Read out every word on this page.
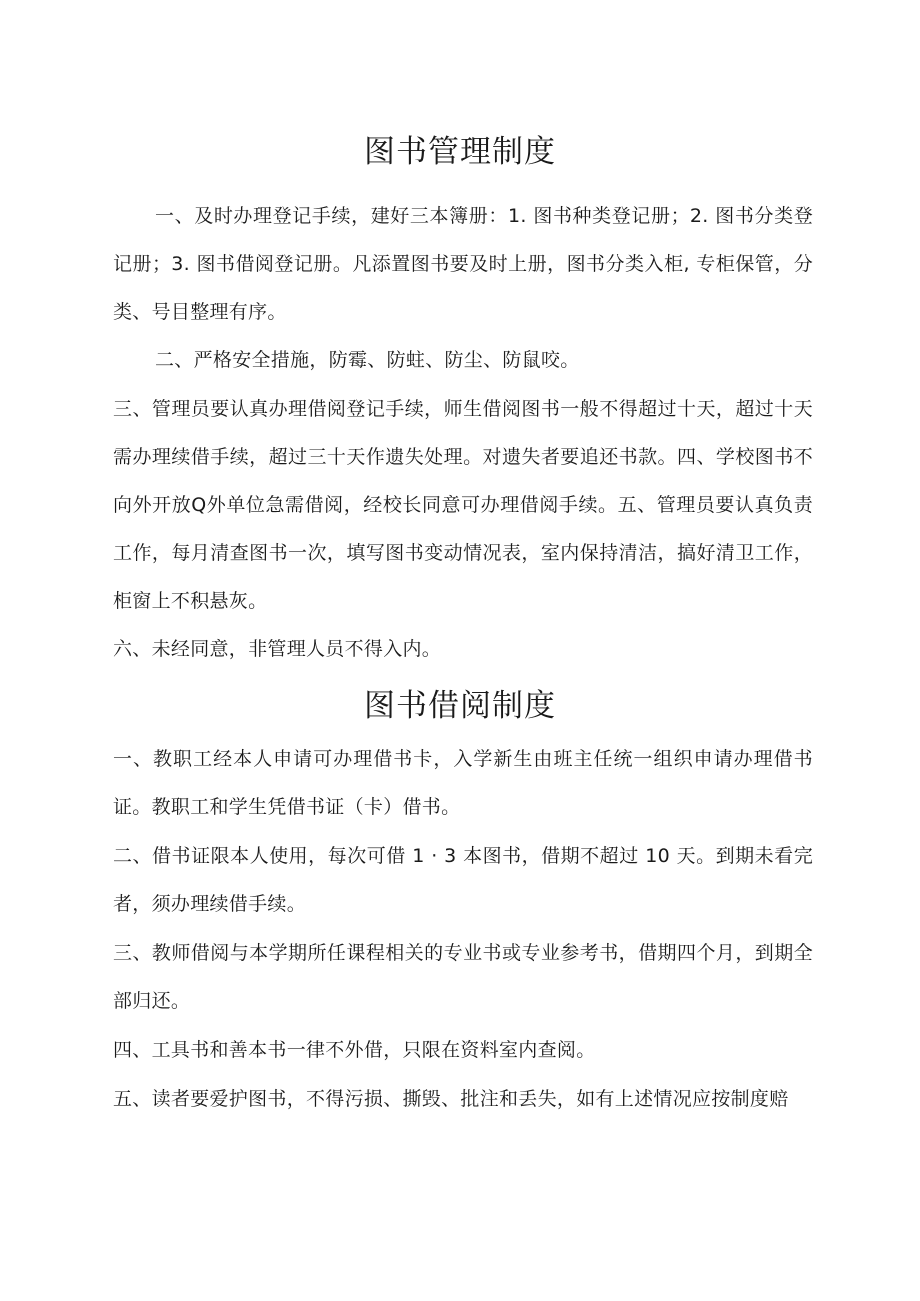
图书管理制度

一、及时办理登记手续，建好三本簿册：1. 图书种类登记册；2. 图书分类登记册；3. 图书借阅登记册。凡添置图书要及时上册，图书分类入柜, 专柜保管，分类、号目整理有序。

二、严格安全措施，防霉、防蛀、防尘、防鼠咬。

三、管理员要认真办理借阅登记手续，师生借阅图书一般不得超过十天，超过十天需办理续借手续，超过三十天作遗失处理。对遗失者要追还书款。四、学校图书不向外开放Q外单位急需借阅，经校长同意可办理借阅手续。五、管理员要认真负责工作，每月清查图书一次，填写图书变动情况表，室内保持清洁，搞好清卫工作，柜窗上不积悬灰。

六、未经同意，非管理人员不得入内。

图书借阅制度

一、教职工经本人申请可办理借书卡，入学新生由班主任统一组织申请办理借书证。教职工和学生凭借书证（卡）借书。

二、借书证限本人使用，每次可借 1 · 3 本图书，借期不超过 10 天。到期未看完者，须办理续借手续。

三、教师借阅与本学期所任课程相关的专业书或专业参考书，借期四个月，到期全部归还。

四、工具书和善本书一律不外借，只限在资料室内查阅。

五、读者要爱护图书，不得污损、撕毁、批注和丢失，如有上述情况应按制度赔
